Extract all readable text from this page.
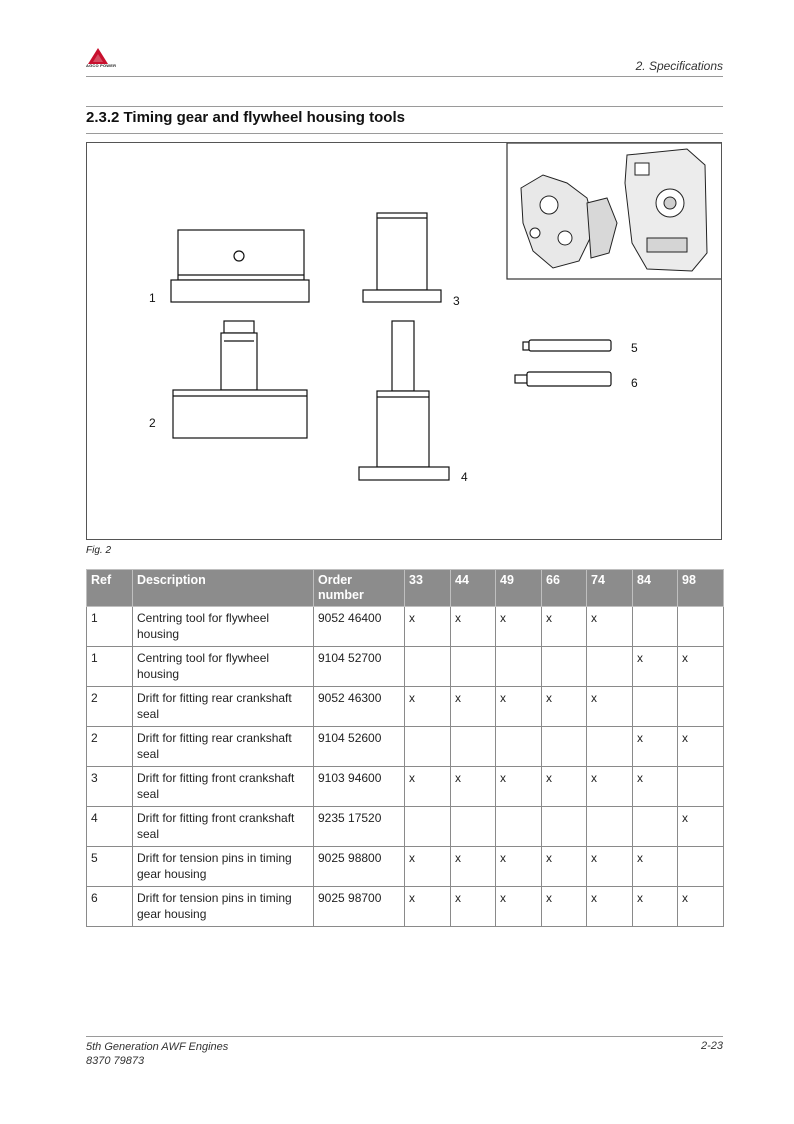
AGCO POWER	2. Specifications
2.3.2 Timing gear and flywheel housing tools
1
2
3
4
5
6
Fig. 2
Ref	Description	Order number	33	44	49	66	74	84	98
1	Centring tool for flywheel housing	9052 46400	x	x	x	x	x		
1	Centring tool for flywheel housing	9104 52700						x	x
2	Drift for fitting rear crankshaft seal	9052 46300	x	x	x	x	x		
2	Drift for fitting rear crankshaft seal	9104 52600						x	x
3	Drift for fitting front crankshaft seal	9103 94600	x	x	x	x	x	x	
4	Drift for fitting front crankshaft seal	9235 17520							x
5	Drift for tension pins in timing gear housing	9025 98800	x	x	x	x	x	x	
6	Drift for tension pins in timing gear housing	9025 98700	x	x	x	x	x	x	x
5th Generation AWF Engines
8370 79873
2-23
